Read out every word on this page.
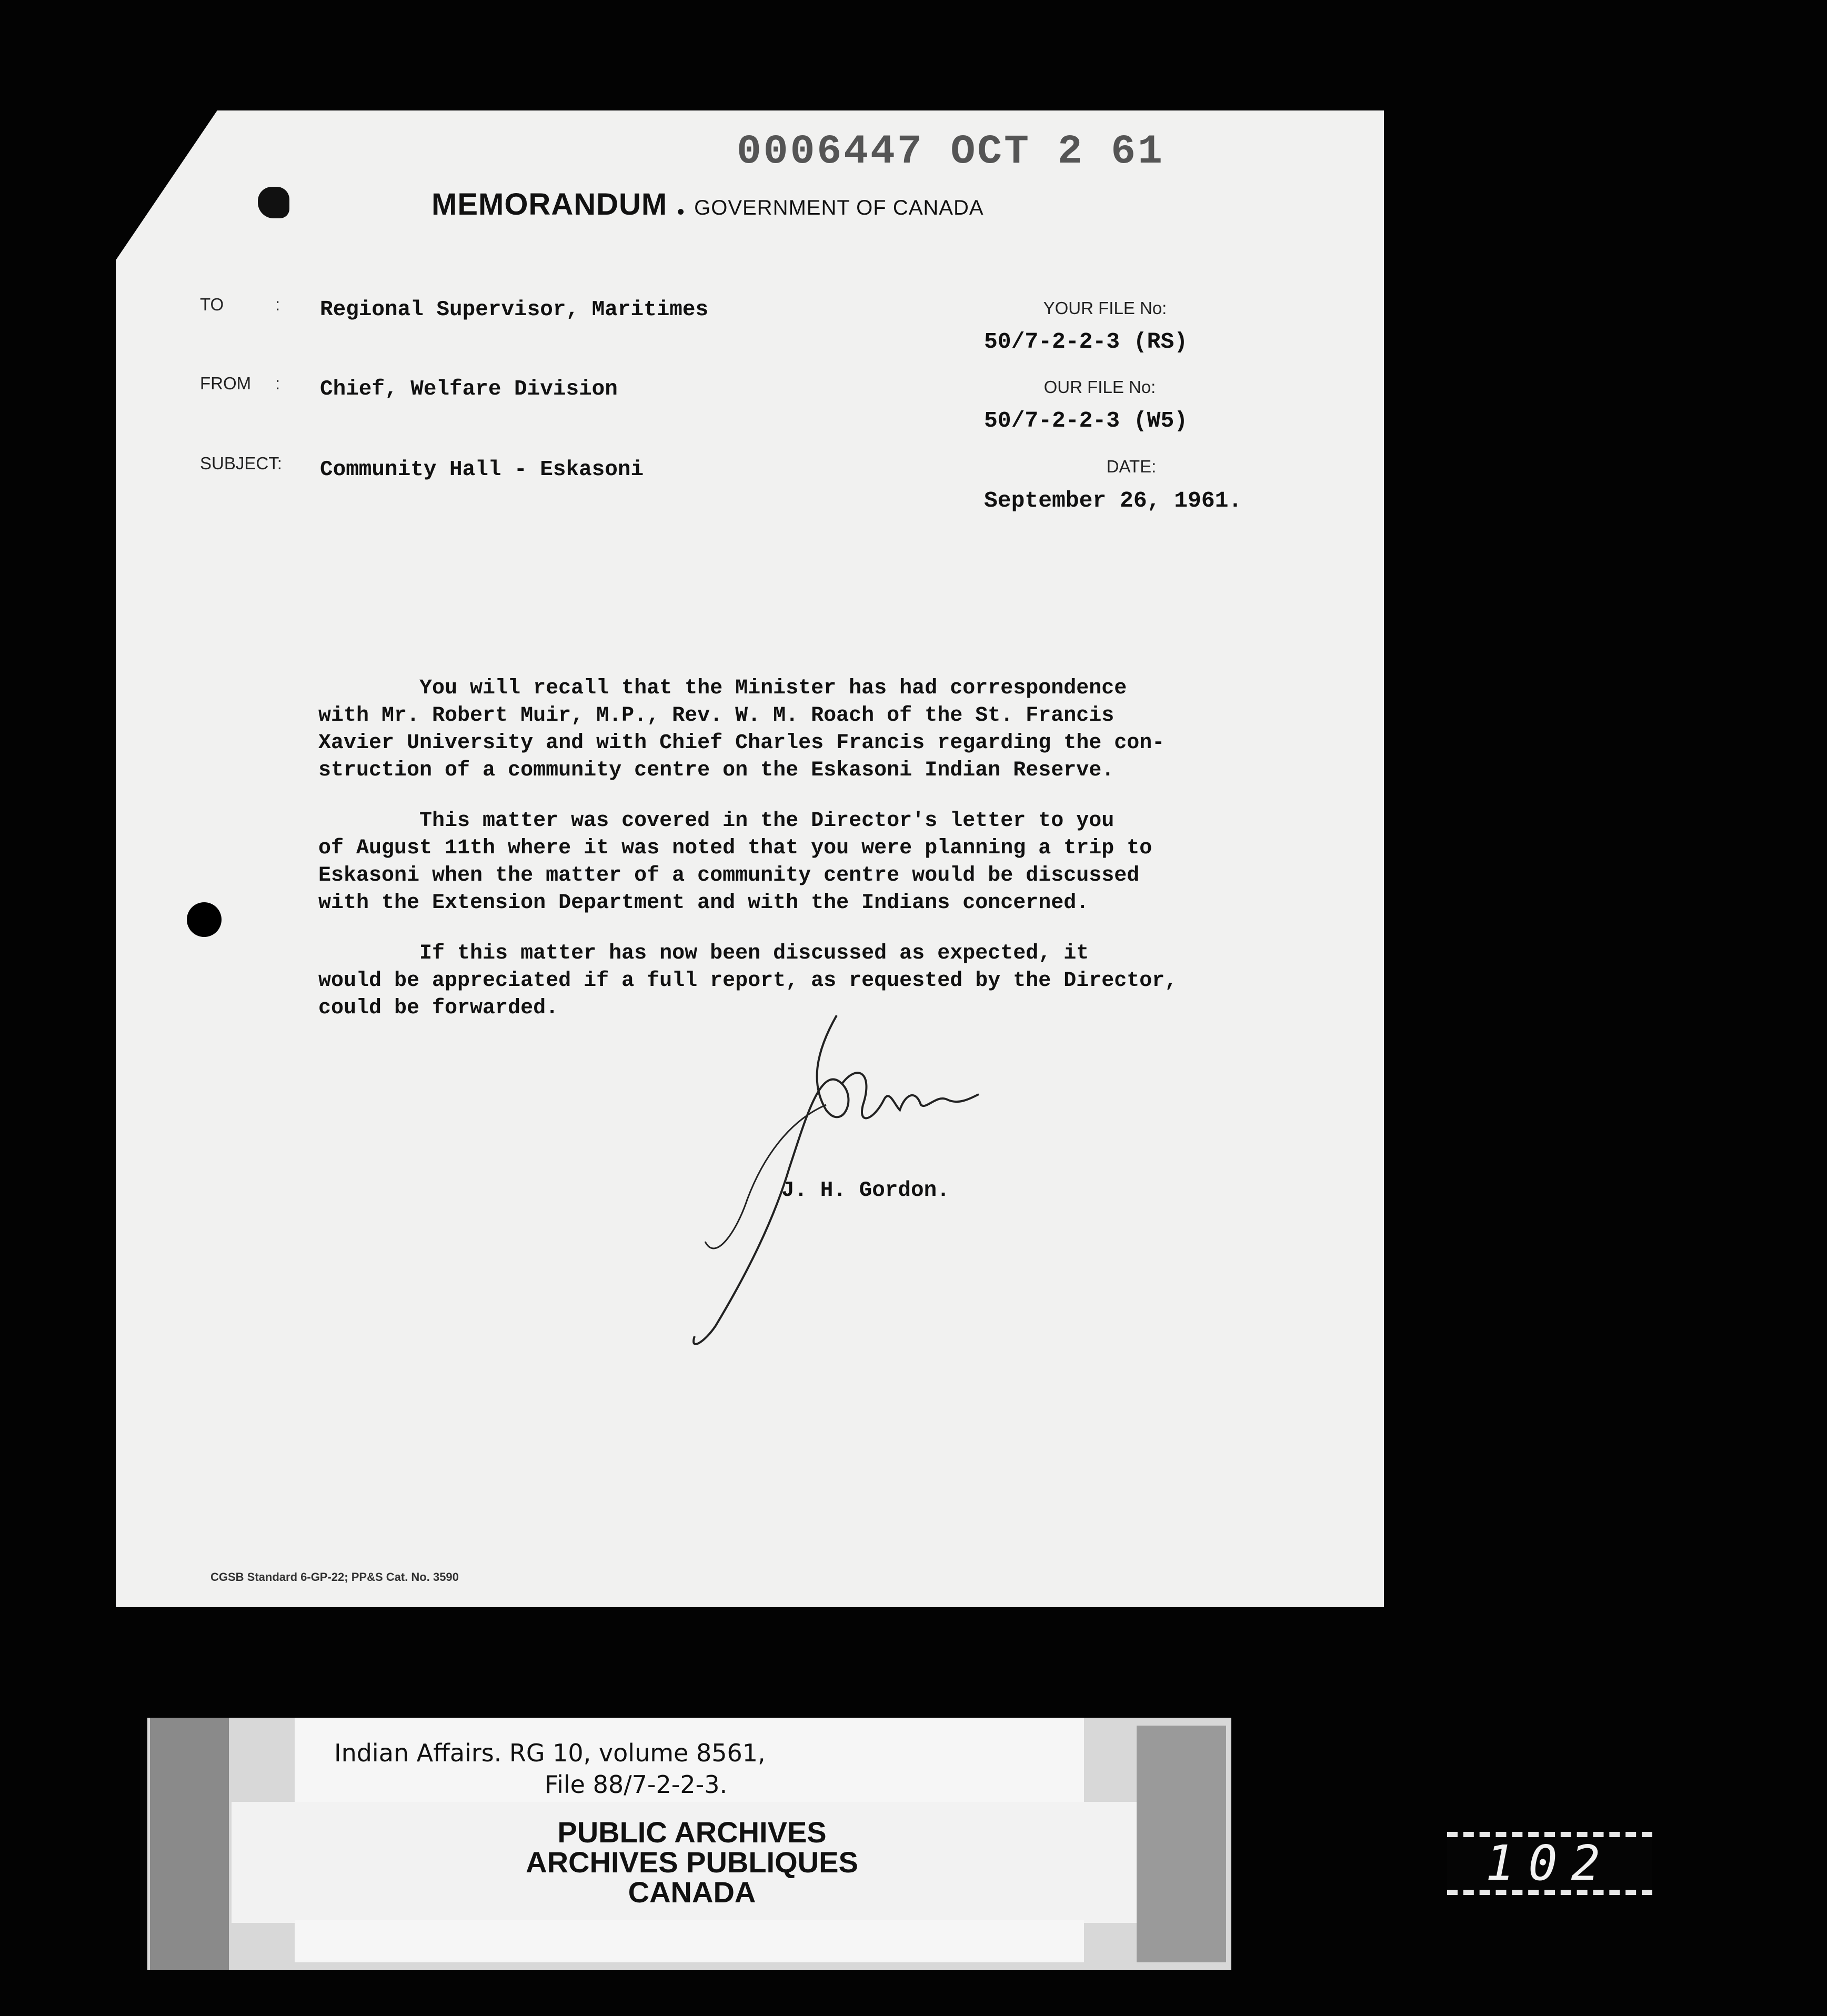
0006447 OCT 2 61
MEMORANDUM • GOVERNMENT OF CANADA
TO	: Regional Supervisor, Maritimes
FROM : Chief, Welfare Division
SUBJECT: Community Hall - Eskasoni
YOUR FILE No:
50/7-2-2-3 (RS)
OUR FILE No:
50/7-2-2-3 (W5)
DATE:
September 26, 1961.

You will recall that the Minister has had correspondence
with Mr. Robert Muir, M.P., Rev. W. M. Roach of the St. Francis
Xavier University and with Chief Charles Francis regarding the con-
struction of a community centre on the Eskasoni Indian Reserve.

This matter was covered in the Director's letter to you
of August 11th where it was noted that you were planning a trip to
Eskasoni when the matter of a community centre would be discussed
with the Extension Department and with the Indians concerned.

If this matter has now been discussed as expected, it
would be appreciated if a full report, as requested by the Director,
could be forwarded.

J. H. Gordon.
CGSB Standard 6-GP-22; PP&S Cat. No. 3590
Indian Affairs. RG 10, volume 8561,
File 88/7-2-2-3.
PUBLIC ARCHIVES
ARCHIVES PUBLIQUES
CANADA
102
